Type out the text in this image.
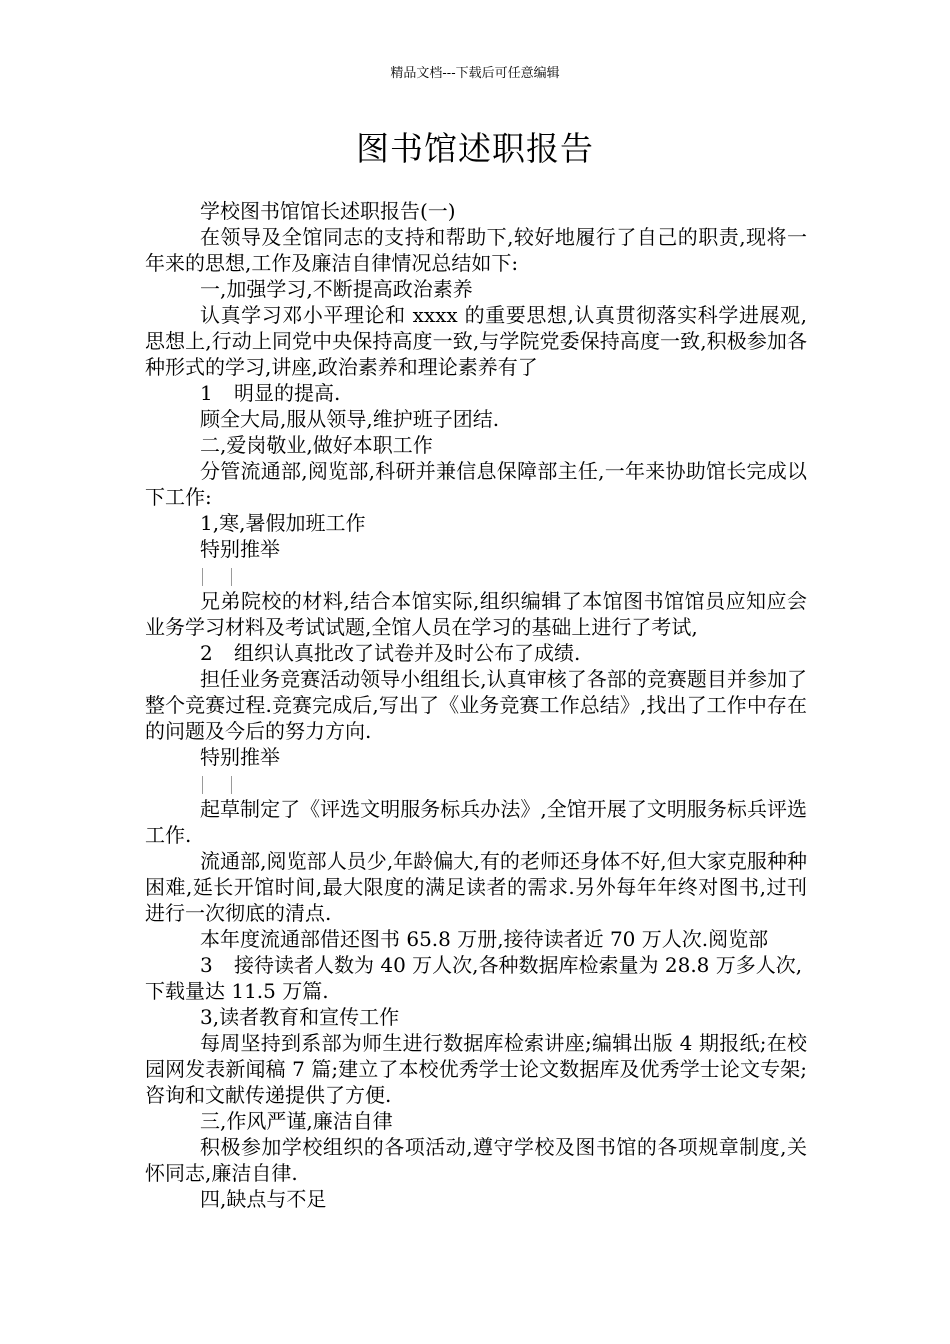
精品文档---下载后可任意编辑
图书馆述职报告

学校图书馆馆长述职报告(一)

在领导及全馆同志的支持和帮助下,较好地履行了自己的职责,现将一年来的思想,工作及廉洁自律情况总结如下:

一,加强学习,不断提高政治素养

认真学习邓小平理论和 xxxx 的重要思想,认真贯彻落实科学进展观,思想上,行动上同党中央保持高度一致,与学院党委保持高度一致,积极参加各种形式的学习,讲座,政治素养和理论素养有了

1 明显的提高.

顾全大局,服从领导,维护班子团结.

二,爱岗敬业,做好本职工作

分管流通部,阅览部,科研并兼信息保障部主任,一年来协助馆长完成以下工作:

1,寒,暑假加班工作

特别推举

兄弟院校的材料,结合本馆实际,组织编辑了本馆图书馆馆员应知应会业务学习材料及考试试题,全馆人员在学习的基础上进行了考试,

2 组织认真批改了试卷并及时公布了成绩.

担任业务竞赛活动领导小组组长,认真审核了各部的竞赛题目并参加了整个竞赛过程.竞赛完成后,写出了《业务竞赛工作总结》,找出了工作中存在的问题及今后的努力方向.

特别推举

起草制定了《评选文明服务标兵办法》,全馆开展了文明服务标兵评选工作.

流通部,阅览部人员少,年龄偏大,有的老师还身体不好,但大家克服种种困难,延长开馆时间,最大限度的满足读者的需求.另外每年年终对图书,过刊进行一次彻底的清点.

本年度流通部借还图书 65.8 万册,接待读者近 70 万人次.阅览部

3 接待读者人数为 40 万人次,各种数据库检索量为 28.8 万多人次,下载量达 11.5 万篇.

3,读者教育和宣传工作

每周坚持到系部为师生进行数据库检索讲座;编辑出版 4 期报纸;在校园网发表新闻稿 7 篇;建立了本校优秀学士论文数据库及优秀学士论文专架; 咨询和文献传递提供了方便.

三,作风严谨,廉洁自律

积极参加学校组织的各项活动,遵守学校及图书馆的各项规章制度,关怀同志,廉洁自律.

四,缺点与不足
